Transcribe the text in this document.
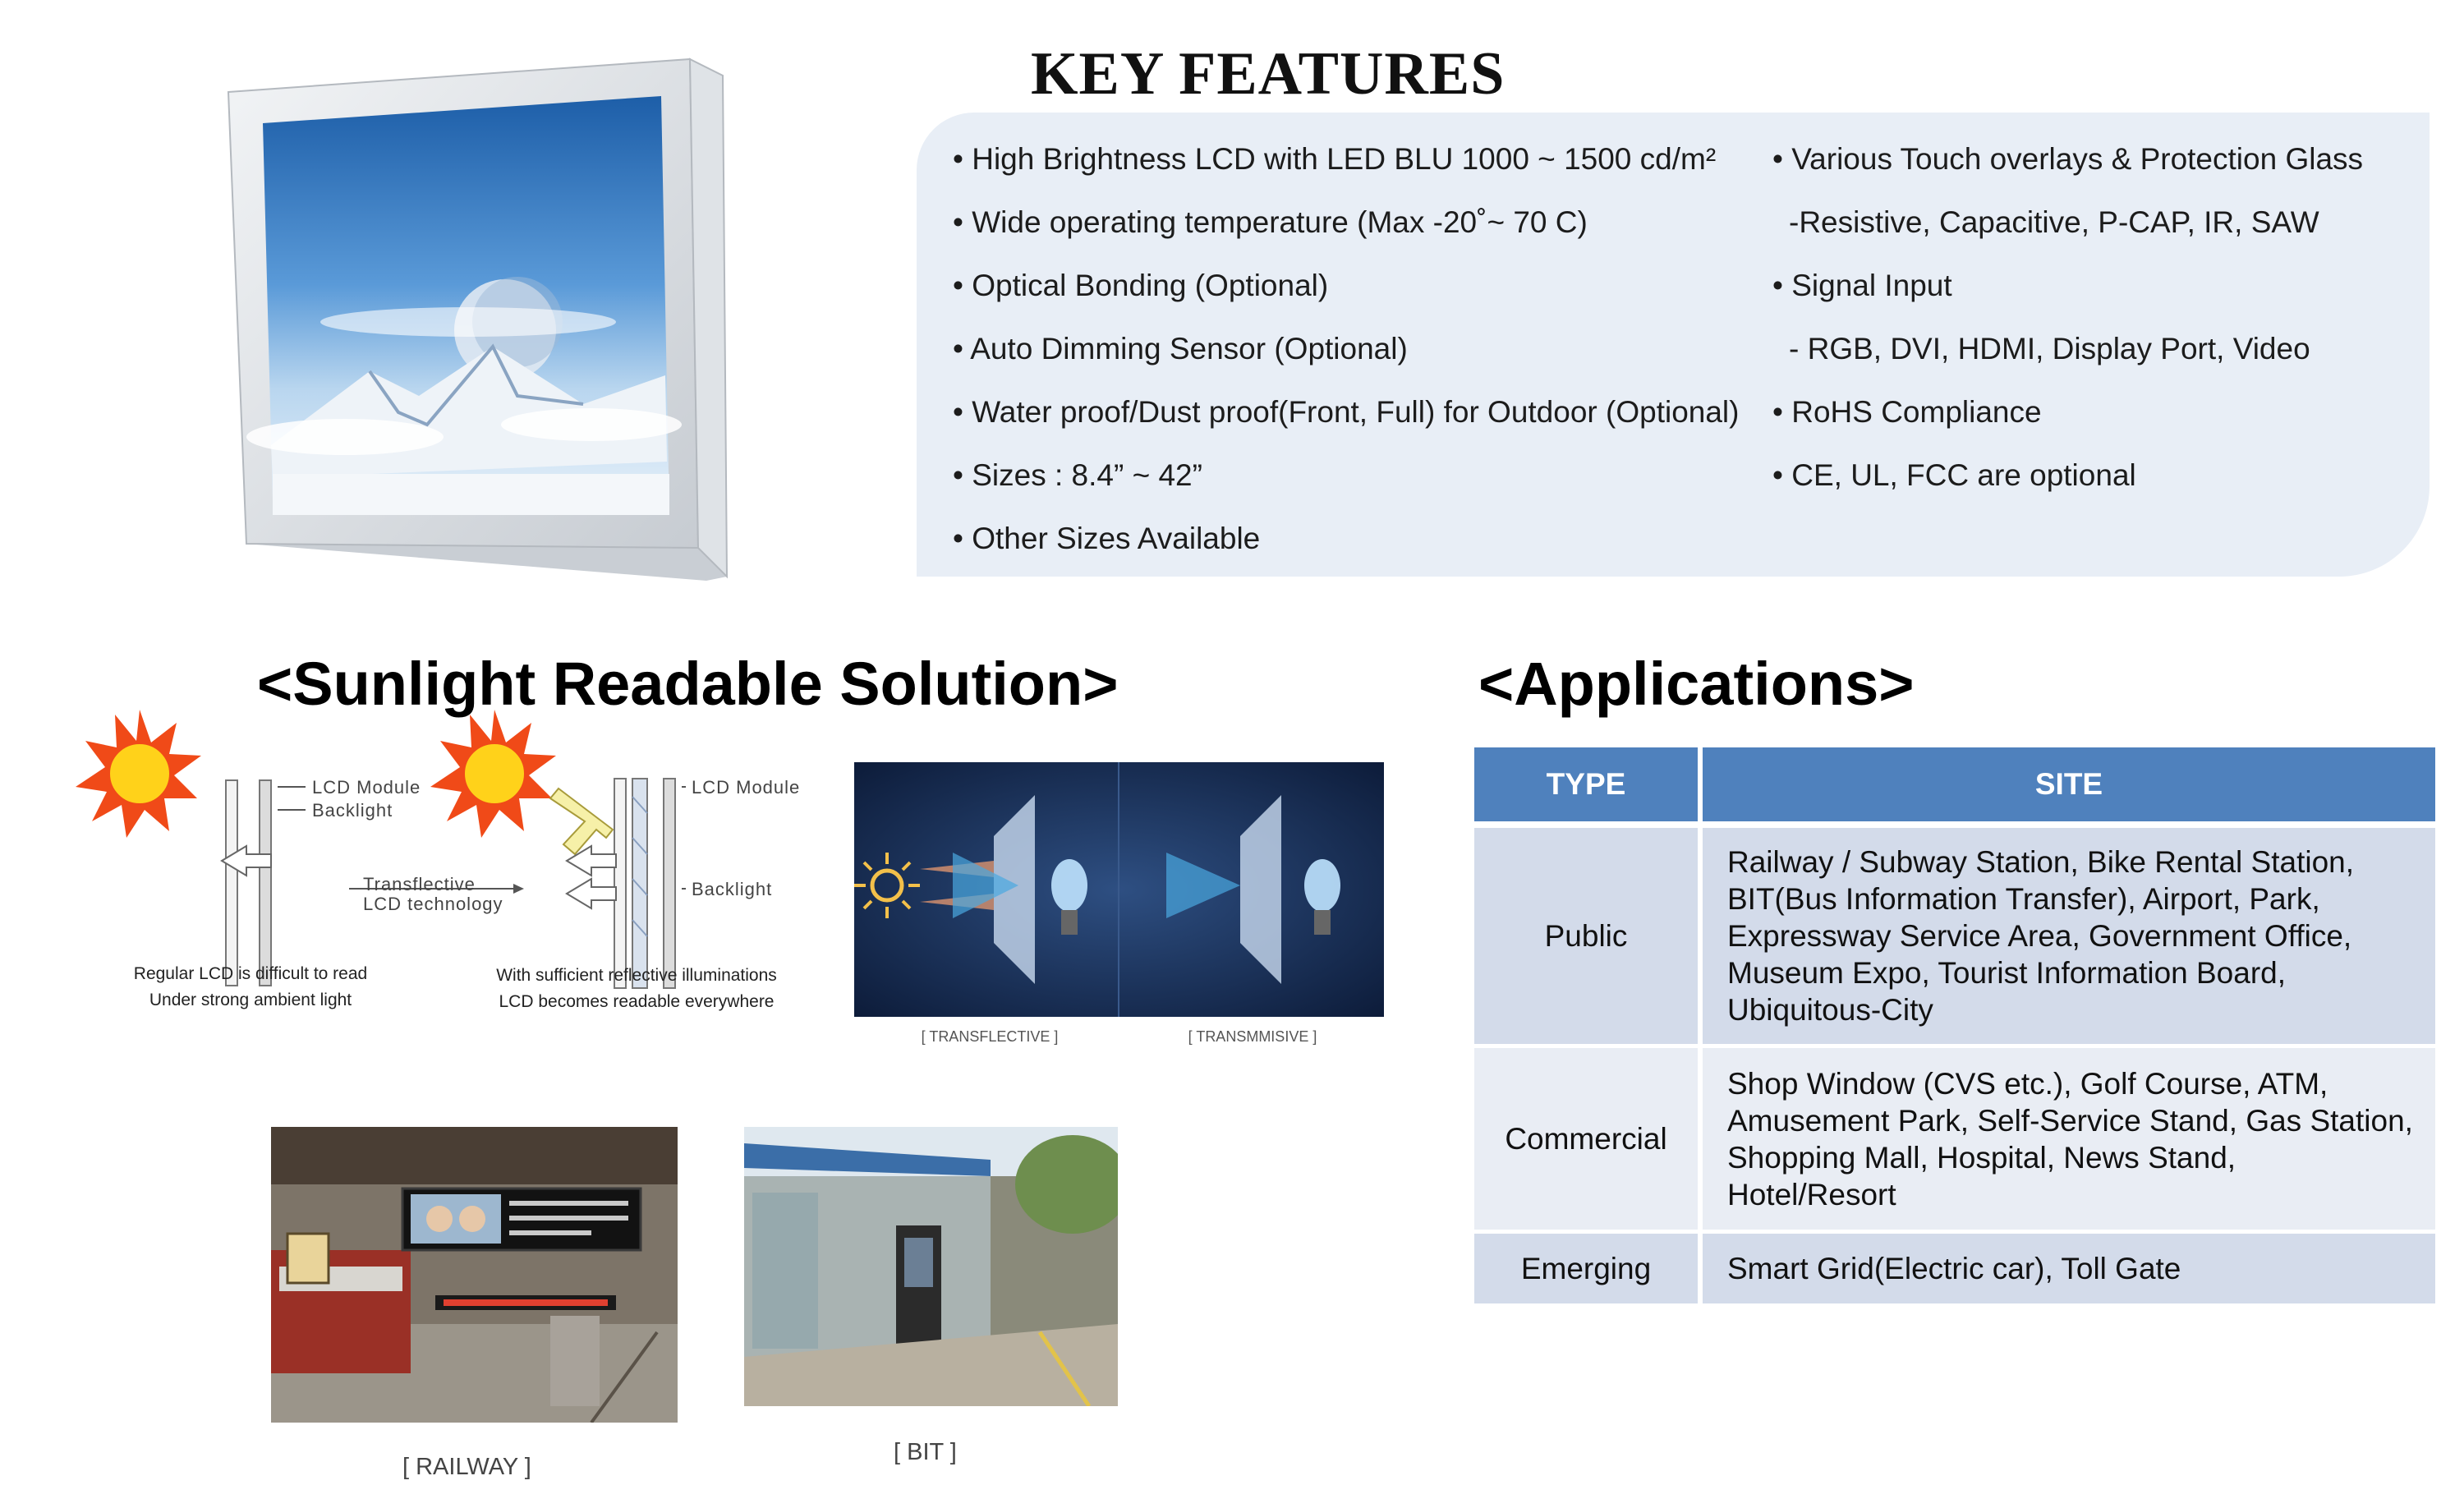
KEY FEATURES
• High Brightness LCD with LED BLU 1000 ~ 1500 cd/m²
• Wide operating temperature (Max -20˚~ 70 C)
• Optical Bonding (Optional)
• Auto Dimming Sensor (Optional)
• Water proof/Dust proof(Front, Full) for Outdoor (Optional)
• Sizes : 8.4” ~ 42”
• Other Sizes Available
• Various Touch overlays & Protection Glass
-Resistive, Capacitive, P-CAP, IR, SAW
• Signal Input
- RGB, DVI, HDMI, Display Port, Video
• RoHS Compliance
• CE, UL, FCC are optional
<Sunlight Readable Solution>	<Applications>
LCD Module
Backlight
Transflective
LCD technology
LCD Module
Backlight
Regular LCD is difficult to read
Under strong ambient light
With sufficient reflective illuminations
LCD becomes readable everywhere
[ TRANSFLECTIVE ]	[ TRANSMMISIVE ]
[ RAILWAY ]
[ BIT ]
TYPE	SITE
Public	Railway / Subway Station, Bike Rental Station,
BIT(Bus Information Transfer), Airport, Park,
Expressway Service Area, Government Office,
Museum Expo, Tourist Information Board,
Ubiquitous-City
Commercial	Shop Window (CVS etc.), Golf Course, ATM,
Amusement Park, Self-Service Stand, Gas Station,
Shopping Mall, Hospital, News Stand,
Hotel/Resort
Emerging	Smart Grid(Electric car), Toll Gate
